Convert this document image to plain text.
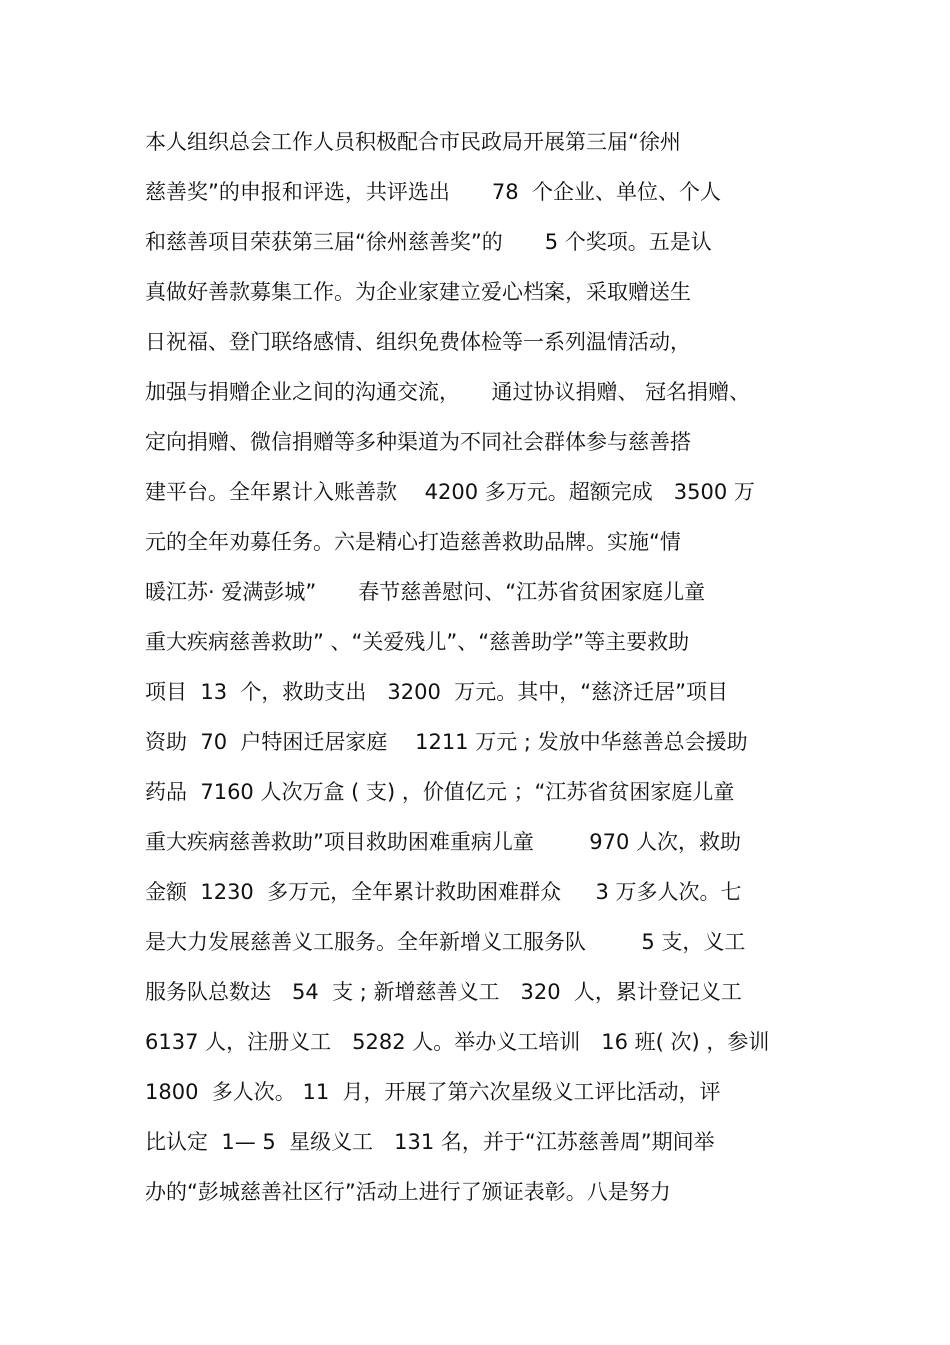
本人组织总会工作人员积极配合市民政局开展第三届“徐州
慈善奖”的申报和评选，共评选出　　78  个企业、单位、个人
和慈善项目荣获第三届“徐州慈善奖”的　　5 个奖项。五是认
真做好善款募集工作。为企业家建立爱心档案，采取赠送生
日祝福、登门联络感情、组织免费体检等一系列温情活动，
加强与捐赠企业之间的沟通交流，　　通过协议捐赠、 冠名捐赠、
定向捐赠、微信捐赠等多种渠道为不同社会群体参与慈善搭
建平台。全年累计入账善款　 4200 多万元。超额完成　3500 万
元的全年劝募任务。六是精心打造慈善救助品牌。实施“情
暖江苏· 爱满彭城”　　春节慈善慰问、“江苏省贫困家庭儿童
重大疾病慈善救助” 、“关爱残儿”、“慈善助学”等主要救助
项目  13  个，救助支出　3200  万元。其中，“慈济迁居”项目
资助  70  户特困迁居家庭　 1211 万元 ; 发放中华慈善总会援助
药品  7160 人次万盒 ( 支) ，价值亿元 ；“江苏省贫困家庭儿童
重大疾病慈善救助”项目救助困难重病儿童　　  970 人次，救助
金额  1230  多万元，全年累计救助困难群众　  3 万多人次。七
是大力发展慈善义工服务。全年新增义工服务队　　  5 支，义工
服务队总数达　54  支 ; 新增慈善义工　320  人，累计登记义工
6137 人，注册义工　5282 人。举办义工培训　16 班( 次) ，参训
1800  多人次。 11  月，开展了第六次星级义工评比活动，评
比认定  1— 5  星级义工　131 名，并于“江苏慈善周”期间举
办的“彭城慈善社区行”活动上进行了颁证表彰。八是努力
